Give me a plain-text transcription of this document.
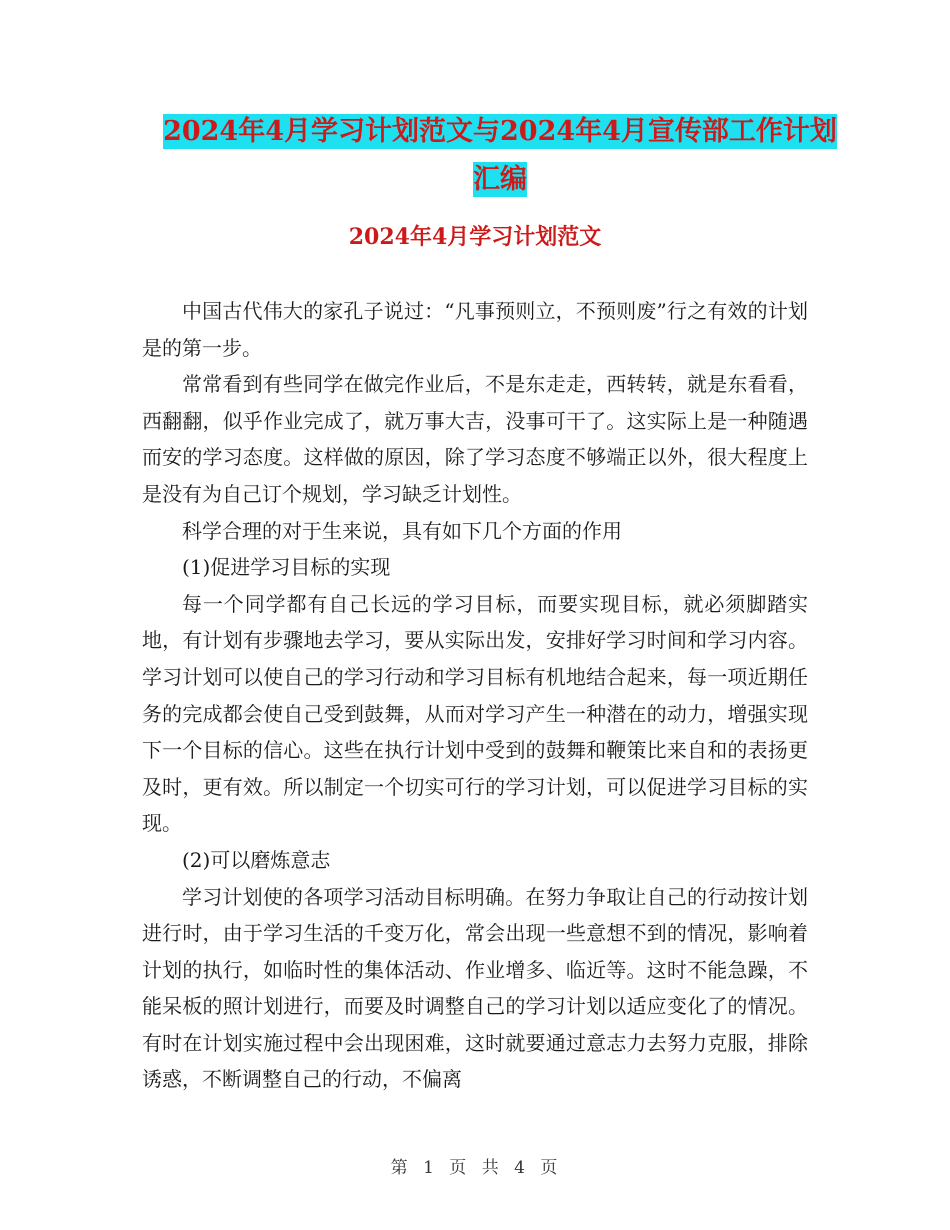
2024年4月学习计划范文与2024年4月宣传部工作计划汇编
2024年4月学习计划范文

中国古代伟大的家孔子说过：“凡事预则立，不预则废”行之有效的计划是的第一步。

常常看到有些同学在做完作业后，不是东走走，西转转，就是东看看，西翻翻，似乎作业完成了，就万事大吉，没事可干了。这实际上是一种随遇而安的学习态度。这样做的原因，除了学习态度不够端正以外，很大程度上是没有为自己订个规划，学习缺乏计划性。

科学合理的对于生来说，具有如下几个方面的作用

(1)促进学习目标的实现

每一个同学都有自己长远的学习目标，而要实现目标，就必须脚踏实地，有计划有步骤地去学习，要从实际出发，安排好学习时间和学习内容。学习计划可以使自己的学习行动和学习目标有机地结合起来，每一项近期任务的完成都会使自己受到鼓舞，从而对学习产生一种潜在的动力，增强实现下一个目标的信心。这些在执行计划中受到的鼓舞和鞭策比来自和的表扬更及时，更有效。所以制定一个切实可行的学习计划，可以促进学习目标的实现。

(2)可以磨炼意志

学习计划使的各项学习活动目标明确。在努力争取让自己的行动按计划进行时，由于学习生活的千变万化，常会出现一些意想不到的情况，影响着计划的执行，如临时性的集体活动、作业增多、临近等。这时不能急躁，不能呆板的照计划进行，而要及时调整自己的学习计划以适应变化了的情况。有时在计划实施过程中会出现困难，这时就要通过意志力去努力克服，排除诱惑，不断调整自己的行动，不偏离

第 1 页 共 4 页
